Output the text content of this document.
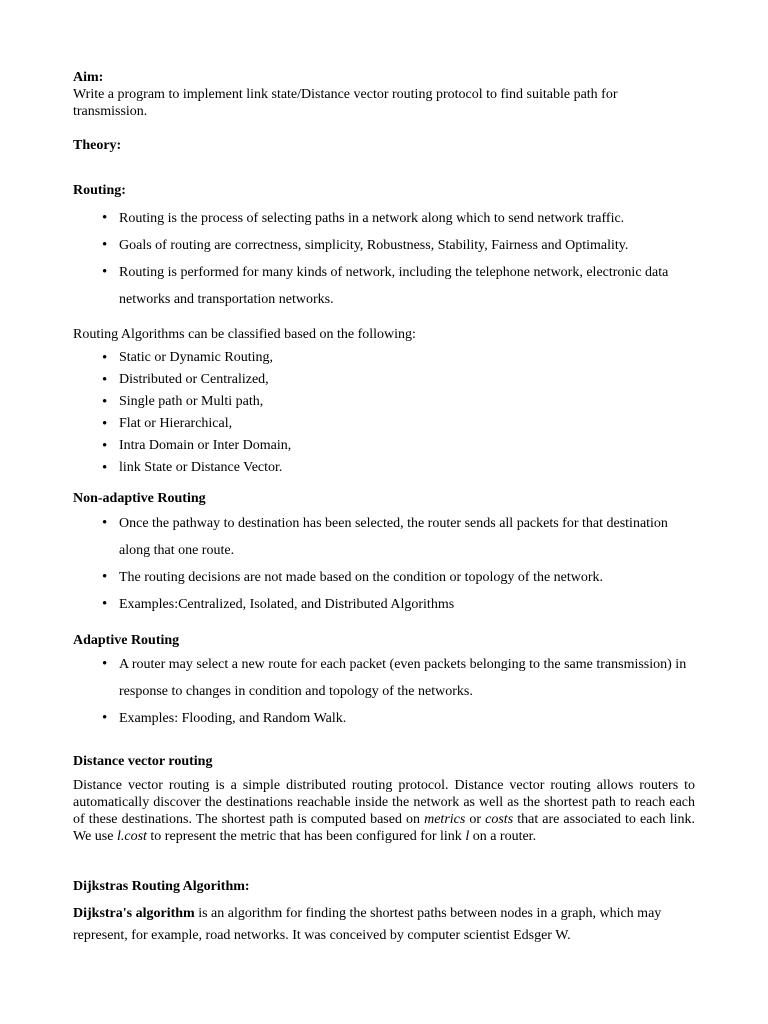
Aim:

Write a program to implement link state/Distance vector routing protocol to find suitable path for transmission.

Theory:

Routing:

• Routing is the process of selecting paths in a network along which to send network traffic.
• Goals of routing are correctness, simplicity, Robustness, Stability, Fairness and Optimality.
• Routing is performed for many kinds of network, including the telephone network, electronic data networks and transportation networks.

Routing Algorithms can be classified based on the following:

• Static or Dynamic Routing,
• Distributed or Centralized,
• Single path or Multi path,
• Flat or Hierarchical,
• Intra Domain or Inter Domain,
• link State or Distance Vector.

Non-adaptive Routing

• Once the pathway to destination has been selected, the router sends all packets for that destination along that one route.
• The routing decisions are not made based on the condition or topology of the network.
• Examples:Centralized, Isolated, and Distributed Algorithms

Adaptive Routing

• A router may select a new route for each packet (even packets belonging to the same transmission) in response to changes in condition and topology of the networks.
• Examples: Flooding, and Random Walk.

Distance vector routing

Distance vector routing is a simple distributed routing protocol. Distance vector routing allows routers to automatically discover the destinations reachable inside the network as well as the shortest path to reach each of these destinations. The shortest path is computed based on metrics or costs that are associated to each link. We use l.cost to represent the metric that has been configured for link l on a router.

Dijkstras Routing Algorithm:

Dijkstra's algorithm is an algorithm for finding the shortest paths between nodes in a graph, which may represent, for example, road networks. It was conceived by computer scientist Edsger W.
